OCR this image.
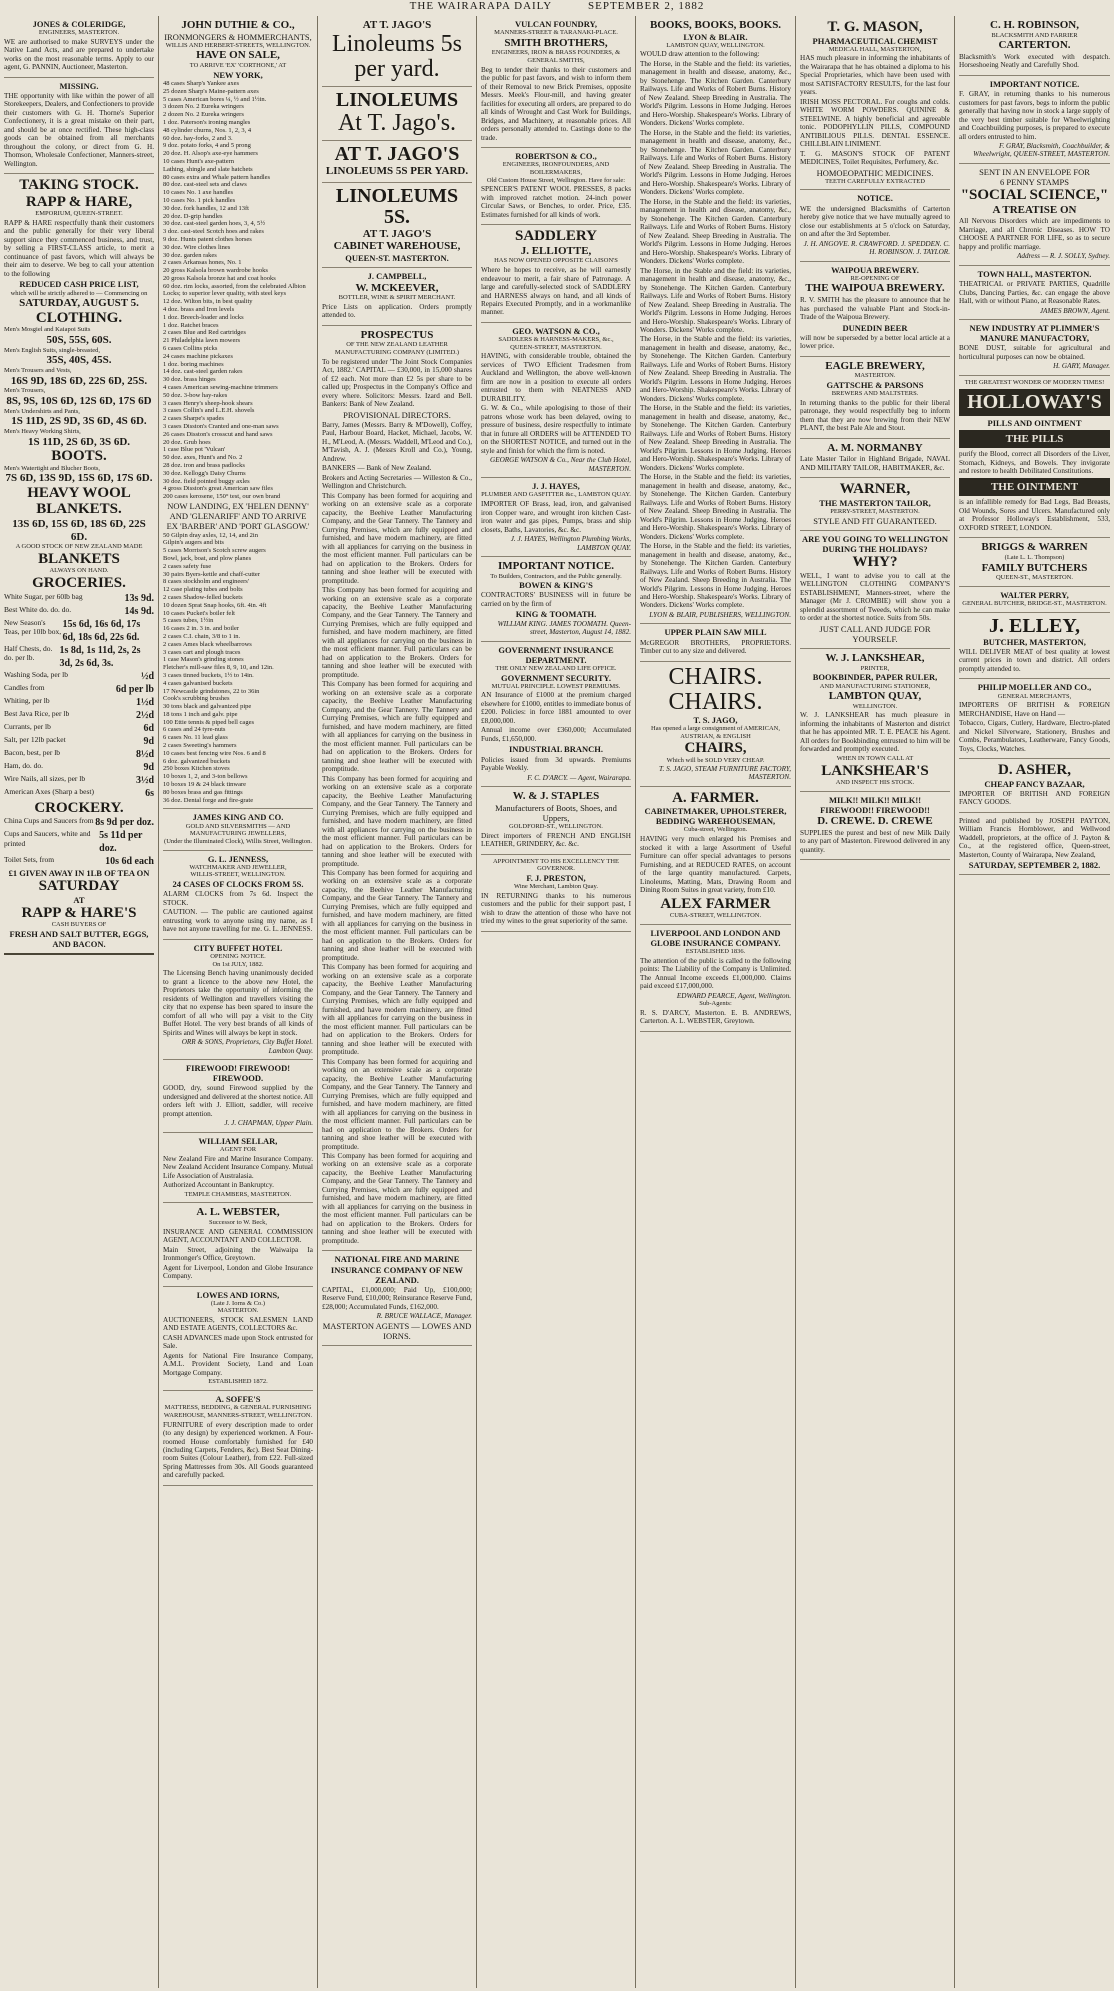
THE WAIRARAPA DAILY	SEPTEMBER 2, 1882
JONES & COLERIDGE,
ENGINEERS, MASTERTON.

WE are authorised to make SURVEYS under the Native Land Acts, and are prepared to undertake works on the most reasonable terms. Apply to our agent, G. PANNIN, Auctioneer, Masterton.

MISSING.

THE opportunity with like within the power of all Storekeepers, Dealers, and Confectioners to provide their customers with G. H. Thorne's Superior Confectionery, it is a great mistake on their part, and should be at once rectified. These high-class goods can be obtained from all merchants throughout the colony, or direct from G. H. Thomson, Wholesale Confectioner, Manners-street, Wellington.

TAKING STOCK.
RAPP & HARE,
EMPORIUM, QUEEN-STREET.

RAPP & HARE respectfully thank their customers and the public generally for their very liberal support since they commenced business, and trust, by selling a FIRST-CLASS article, to merit a continuance of past favors, which will always be their aim to deserve. We beg to call your attention to the following

REDUCED CASH PRICE LIST,
which will be strictly adhered to — Commencing on
SATURDAY, AUGUST 5.
CLOTHING.
Men's Mosgiel and Kaiapoi Suits
50S, 55S, 60S.
Men's English Suits, single-breasted,
35S, 40S, 45S.
Men's Trousers and Vests,
16S 9D, 18S 6D, 22S 6D, 25S.
Men's Trousers,
8S, 9S, 10S 6D, 12S 6D, 17S 6D
Men's Undershirts and Pants,
1S 11D, 2S 9D, 3S 6D, 4S 6D.
Men's Heavy Working Shirts,
1S 11D, 2S 6D, 3S 6D.
BOOTS.
Men's Watertight and Blucher Boots,
7S 6D, 13S 9D, 15S 6D, 17S 6D.
HEAVY WOOL BLANKETS.
13S 6D, 15S 6D, 18S 6D, 22S 6D.
A GOOD STOCK OF NEW ZEALAND MADE
BLANKETS
ALWAYS ON HAND.
GROCERIES.
White Sugar, per 60lb bag	13s 9d.
Best White do. do. do.	14s 9d.
New Season's Teas, per 10lb box,
15s 6d, 16s 6d, 17s 6d, 18s 6d, 22s 6d.
Half Chests, do. do. per lb.
1s 8d, 1s 11d, 2s, 2s 3d, 2s 6d, 3s.
Washing Soda, per lb	½d
Candles from	6d per lb
Whiting, per lb	1½d
Best Java Rice, per lb	2½d
Currants, per lb	6d
Salt, per 12lb packet	9d
Bacon, best, per lb	8½d
Ham, do. do.	9d
Wire Nails, all sizes, per lb	3½d
American Axes (Sharp a best)	6s
CROCKERY.
China Cups and Saucers from 8s 9d per doz.
Cups and Saucers, white and printed
5s 11d per doz.
Toilet Sets, from	10s 6d each
£1 GIVEN AWAY IN 1LB OF TEA ON
SATURDAY
AT
RAPP & HARE'S
CASH BUYERS OF
FRESH AND SALT BUTTER, EGGS, AND BACON.
JOHN DUTHIE & CO.,
IRONMONGERS & HOMMERCHANTS,
WILLIS AND HERBERT-STREETS, WELLINGTON.
HAVE ON SALE,
TO ARRIVE 'EX' 'CORTHONE,' AT
NEW YORK,
48 cases Sharp's Yankee axes
25 dozen Sharp's Maine-pattern axes
5 cases American bores ¼, ½ and 1½in.
3 dozen No. 2 Eureka wringers
2 dozen No. 2 Eureka wringers
1 doz. Paterson's ironing mangles
48 cylinder churns, Nos. 1, 2, 3, 4
60 doz. hay-forks, 2 and 3.
9 doz. potato forks, 4 and 5 prong
20 doz. H. Alsop's axe-eye hammers
10 cases Hunt's axe-pattern
Lathing, shingle and slate hatchets
80 cases extra and Whale pattern handles
80 doz. cast-steel sets and claws
10 cases No. 1 axe handles
10 cases No. 1 pick handles
30 doz. fork handles, 12 and 13ft
20 doz. D-grip handles
30 doz. cast-steel garden hoes, 3, 4, 5½
3 doz. cast-steel Scotch hoes and rakes
9 doz. Hunts patent clothes horses
30 doz. Wire clothes lines
30 doz. garden rakes
2 cases Arkansas hones, No. 1
20 gross Kalsola brown wardrobe hooks
20 gross Kalsola bronze hat and coat hooks
60 doz. rim locks, assorted, from the celebrated Albion Locks; to superior lever quality, with steel keys
12 doz. Wilton bits, in best quality
4 doz. brass and Iron levels
1 doz. Breech-loader and locks
1 doz. Ratchet braces
2 cases Blue and Red cartridges
21 Philadelphia lawn mowers
6 cases Collins picks
24 cases machine pickaxes
1 doz. boring machines
14 doz. cast-steel garden rakes
30 doz. brass hinges
4 cases American sewing-machine trimmers
50 doz. 3-bow hay-rakes
3 cases Henry's sheep-hook shears
3 cases Collin's and L.E.H. shovels
2 cases Sharpe's spades
3 cases Disston's Cranted and one-man saws
26 cases Disston's crosscut and hand saws
20 doz. Grub hoes
1 case Blue pot 'Vulcan'
50 doz. axes, Hunt's and No. 2
28 doz. iron and brass padlocks
30 doz. Kellogg's Daisy Churns
30 doz. field pointed buggy axles
4 gross Disston's great American saw files
200 cases kerosene, 150° test, our own brand
NOW LANDING, EX 'HELEN DENNY' AND 'GLENARIFF' AND TO ARRIVE EX 'BARBER' AND 'PORT GLASGOW.'
50 Gilpin dray axles, 12, 14, and 2in
Gilpin's augers and bits
5 cases Morrison's Scotch screw augers
Bowl, jack, boat, and plow planes
2 cases safety fuse
30 pairs Byers-kettle and chaff-cutter
8 cases stockholm and engineers'
12 case plating tubes and bolts
2 cases Shadow-felled buckets
10 dozen Sprat Snap hooks, 6ft. 4in. 4ft
10 cases Pucket's boiler felt
5 cases tubes, 1½in
16 cases 2 in. 3 in. and boiler
2 cases C.I. chain, 3/8 to 1 in.
2 cases Ames black wheelbarrows
3 cases cart and plough traces
1 case Mason's grinding stones
Fletcher's mill-saw files 8, 9, 10, and 12in.
3 cases tinned buckets, 1½ to 14in.
4 cases galvanised buckets
17 Newcastle grindstones, 22 to 36in
Cook's scrubbing brushes
30 tons black and galvanized pipe
18 tons 1 inch and galv. pipe
100 Ettie tennis & piped bell cages
6 cases and 24 tyre-nuts
6 cases No. 11 lead glass
2 cases Sweeting's hammers
10 cases best fencing wire Nos. 6 and 8
6 doz. galvanized buckets
250 boxes Kitchen stoves
10 boxes 1, 2, and 3-ton bellows
10 boxes 19 & 24 black tinware
80 boxes brass and gas fittings
36 doz. Dental forge and fire-grate
JAMES KING AND CO.
GOLD AND SILVERSMITHS — AND MANUFACTURING JEWELLERS,
(Under the Illuminated Clock), Willis Street, Wellington.
G. L. JENNESS,
WATCHMAKER AND JEWELLER,
WILLIS-STREET, WELLINGTON.
24 CASES OF CLOCKS FROM 5S.

ALARM CLOCKS from 7s 6d. Inspect the STOCK.

CAUTION. — The public are cautioned against entrusting work to anyone using my name, as I have not anyone travelling for me. G. L. JENNESS.

CITY BUFFET HOTEL
OPENING NOTICE.
On 1st JULY, 1882.

The Licensing Bench having unanimously decided to grant a licence to the above new Hotel, the Proprietors take the opportunity of informing the residents of Wellington and travellers visiting the city that no expense has been spared to insure the comfort of all who will pay a visit to the City Buffet Hotel. The very best brands of all kinds of Spirits and Wines will always be kept in stock.

ORR & SONS, Proprietors, City Buffet Hotel.
Lambton Quay.
FIREWOOD! FIREWOOD! FIREWOOD.

GOOD, dry, sound Firewood supplied by the undersigned and delivered at the shortest notice. All orders left with J. Elliott, saddler, will receive prompt attention.

J. J. CHAPMAN, Upper Plain.
WILLIAM SELLAR,
AGENT FOR

New Zealand Fire and Marine Insurance Company. New Zealand Accident Insurance Company. Mutual Life Association of Australasia.

Authorized Accountant in Bankruptcy.

TEMPLE CHAMBERS, MASTERTON.
A. L. WEBSTER,
Successor to W. Beck,

INSURANCE AND GENERAL COMMISSION AGENT, ACCOUNTANT AND COLLECTOR.

Main Street, adjoining the Waiwaipa Ia Ironmonger's Office, Greytown.

Agent for Liverpool, London and Globe Insurance Company.

LOWES AND IORNS,
(Late J. Iorns & Co.)
MASTERTON.

AUCTIONEERS, STOCK SALESMEN LAND AND ESTATE AGENTS, COLLECTORS &c.

CASH ADVANCES made upon Stock entrusted for Sale.

Agents for National Fire Insurance Company, A.M.L. Provident Society, Land and Loan Mortgage Company.

ESTABLISHED 1872.
A. SOFFE'S
MATTRESS, BEDDING, & GENERAL FURNISHING WAREHOUSE, MANNERS-STREET, WELLINGTON.

FURNITURE of every description made to order (to any design) by experienced workmen. A Four-roomed House comfortably furnished for £40 (including Carpets, Fenders, &c). Best Seat Dining-room Suites (Colour Leather), from £22. Full-sized Spring Mattresses from 30s. All Goods guaranteed and carefully packed.

AT T. JAGO'S
Linoleums 5s per yard.
LINOLEUMS
At T. Jago's.
AT T. JAGO'S
LINOLEUMS 5S PER YARD.
LINOLEUMS 5S.
AT T. JAGO'S
CABINET WAREHOUSE,
QUEEN-ST. MASTERTON.
J. CAMPBELL,
W. MCKEEVER,
BOTTLER, WINE & SPIRIT MERCHANT.

Price Lists on application. Orders promptly attended to.

PROSPECTUS
OF THE NEW ZEALAND LEATHER MANUFACTURING COMPANY (LIMITED.)

To be registered under 'The Joint Stock Companies Act, 1882.' CAPITAL — £30,000, in 15,000 shares of £2 each. Not more than £2 5s per share to be called up; Prospectus in the Company's Office and every where. Solicitors: Messrs. Izard and Bell. Bankers: Bank of New Zealand.

PROVISIONAL DIRECTORS.

Barry, James (Messrs. Barry & M'Dowell), Coffey, Paul, Harbour Board, Hacket, Michael, Jacobs, W. H., M'Leod, A. (Messrs. Waddell, M'Leod and Co.), M'Tavish, A. J. (Messrs Kroll and Co.), Young, Andrew.

BANKERS — Bank of New Zealand.

Brokers and Acting Secretaries — Willeston & Co., Wellington and Christchurch.

This Company has been formed for acquiring and working on an extensive scale as a corporate capacity, the Beehive Leather Manufacturing Company, and the Gear Tannery. The Tannery and Currying Premises, which are fully equipped and furnished, and have modern machinery, are fitted with all appliances for carrying on the business in the most efficient manner. Full particulars can be had on application to the Brokers. Orders for tanning and shoe leather will be executed with promptitude.

This Company has been formed for acquiring and working on an extensive scale as a corporate capacity, the Beehive Leather Manufacturing Company, and the Gear Tannery. The Tannery and Currying Premises, which are fully equipped and furnished, and have modern machinery, are fitted with all appliances for carrying on the business in the most efficient manner. Full particulars can be had on application to the Brokers. Orders for tanning and shoe leather will be executed with promptitude.

This Company has been formed for acquiring and working on an extensive scale as a corporate capacity, the Beehive Leather Manufacturing Company, and the Gear Tannery. The Tannery and Currying Premises, which are fully equipped and furnished, and have modern machinery, are fitted with all appliances for carrying on the business in the most efficient manner. Full particulars can be had on application to the Brokers. Orders for tanning and shoe leather will be executed with promptitude.

This Company has been formed for acquiring and working on an extensive scale as a corporate capacity, the Beehive Leather Manufacturing Company, and the Gear Tannery. The Tannery and Currying Premises, which are fully equipped and furnished, and have modern machinery, are fitted with all appliances for carrying on the business in the most efficient manner. Full particulars can be had on application to the Brokers. Orders for tanning and shoe leather will be executed with promptitude.

This Company has been formed for acquiring and working on an extensive scale as a corporate capacity, the Beehive Leather Manufacturing Company, and the Gear Tannery. The Tannery and Currying Premises, which are fully equipped and furnished, and have modern machinery, are fitted with all appliances for carrying on the business in the most efficient manner. Full particulars can be had on application to the Brokers. Orders for tanning and shoe leather will be executed with promptitude.

This Company has been formed for acquiring and working on an extensive scale as a corporate capacity, the Beehive Leather Manufacturing Company, and the Gear Tannery. The Tannery and Currying Premises, which are fully equipped and furnished, and have modern machinery, are fitted with all appliances for carrying on the business in the most efficient manner. Full particulars can be had on application to the Brokers. Orders for tanning and shoe leather will be executed with promptitude.

This Company has been formed for acquiring and working on an extensive scale as a corporate capacity, the Beehive Leather Manufacturing Company, and the Gear Tannery. The Tannery and Currying Premises, which are fully equipped and furnished, and have modern machinery, are fitted with all appliances for carrying on the business in the most efficient manner. Full particulars can be had on application to the Brokers. Orders for tanning and shoe leather will be executed with promptitude.

This Company has been formed for acquiring and working on an extensive scale as a corporate capacity, the Beehive Leather Manufacturing Company, and the Gear Tannery. The Tannery and Currying Premises, which are fully equipped and furnished, and have modern machinery, are fitted with all appliances for carrying on the business in the most efficient manner. Full particulars can be had on application to the Brokers. Orders for tanning and shoe leather will be executed with promptitude.

NATIONAL FIRE AND MARINE INSURANCE COMPANY OF NEW ZEALAND.

CAPITAL, £1,000,000; Paid Up, £100,000; Reserve Fund, £10,000; Reinsurance Reserve Fund, £28,000; Accumulated Funds, £162,000.

R. BRUCE WALLACE, Manager.
MASTERTON AGENTS — LOWES AND IORNS.
VULCAN FOUNDRY,
MANNERS-STREET & TARANAKI-PLACE.
SMITH BROTHERS,
ENGINEERS, IRON & BRASS FOUNDERS, & GENERAL SMITHS,

Beg to tender their thanks to their customers and the public for past favors, and wish to inform them of their Removal to new Brick Premises, opposite Messrs. Meek's Flour-mill, and having greater facilities for executing all orders, are prepared to do all kinds of Wrought and Cast Work for Buildings, Bridges, and Machinery, at reasonable prices. All orders personally attended to. Castings done to the trade.

ROBERTSON & CO.,
ENGINEERS, IRONFOUNDERS, AND BOILERMAKERS,
Old Custom House Street, Wellington. Have for sale:

SPENCER'S PATENT WOOL PRESSES, 8 packs with improved ratchet motion. 24-inch power Circular Saws, or Benches, to order. Price, £35. Estimates furnished for all kinds of work.

SADDLERY
J. ELLIOTTE,
HAS NOW OPENED OPPOSITE CLAISON'S

Where he hopes to receive, as he will earnestly endeavour to merit, a fair share of Patronage. A large and carefully-selected stock of SADDLERY and HARNESS always on hand, and all kinds of Repairs Executed Promptly, and in a workmanlike manner.

GEO. WATSON & CO.,
SADDLERS & HARNESS-MAKERS, &c.,
QUEEN-STREET, MASTERTON.

HAVING, with considerable trouble, obtained the services of TWO Efficient Tradesmen from Auckland and Wellington, the above well-known firm are now in a position to execute all orders entrusted to them with NEATNESS AND DURABILITY.

G. W. & Co., while apologising to those of their patrons whose work has been delayed, owing to pressure of business, desire respectfully to intimate that in future all ORDERS will be ATTENDED TO on the SHORTEST NOTICE, and turned out in the style and finish for which the firm is noted.

GEORGE WATSON & Co., Near the Club Hotel, MASTERTON.
J. J. HAYES,
PLUMBER AND GASFITTER &c., LAMBTON QUAY.

IMPORTER OF Brass, lead, iron, and galvanised iron Copper ware, and wrought iron kitchen Cast-iron water and gas pipes, Pumps, brass and ship closets, Baths, Lavatories, &c. &c.

J. J. HAYES, Wellington Plumbing Works, LAMBTON QUAY.
IMPORTANT NOTICE.
To Builders, Contractors, and the Public generally.
BOWEN & KING'S

CONTRACTORS' BUSINESS will in future be carried on by the firm of

KING & TOOMATH.
WILLIAM KING. JAMES TOOMATH. Queen-street, Masterton, August 14, 1882.
GOVERNMENT INSURANCE DEPARTMENT.
THE ONLY NEW ZEALAND LIFE OFFICE.
GOVERNMENT SECURITY.
MUTUAL PRINCIPLE. LOWEST PREMIUMS.

AN Insurance of £1000 at the premium charged elsewhere for £1000, entitles to immediate bonus of £200. Policies: in force 1881 amounted to over £8,000,000.

Annual income over £360,000; Accumulated Funds, £1,650,000.

INDUSTRIAL BRANCH.

Policies issued from 3d upwards. Premiums Payable Weekly.

F. C. D'ARCY. — Agent, Wairarapa.
W. & J. STAPLES
Manufacturers of Boots, Shoes, and Uppers,
GOLDFORD-ST., WELLINGTON.

Direct importers of FRENCH AND ENGLISH LEATHER, GRINDERY, &c. &c.

APPOINTMENT TO HIS EXCELLENCY THE GOVERNOR.
F. J. PRESTON,
Wine Merchant, Lambton Quay.

IN RETURNING thanks to his numerous customers and the public for their support past, I wish to draw the attention of those who have not tried my wines to the great superiority of the same.

BOOKS, BOOKS, BOOKS.
LYON & BLAIR.
LAMBTON QUAY, WELLINGTON.

WOULD draw attention to the following:

The Horse, in the Stable and the field: its varieties, management in health and disease, anatomy, &c., by Stonehenge. The Kitchen Garden. Canterbury Railways. Life and Works of Robert Burns. History of New Zealand. Sheep Breeding in Australia. The World's Pilgrim. Lessons in Home Judging. Heroes and Hero-Worship. Shakespeare's Works. Library of Wonders. Dickens' Works complete.

The Horse, in the Stable and the field: its varieties, management in health and disease, anatomy, &c., by Stonehenge. The Kitchen Garden. Canterbury Railways. Life and Works of Robert Burns. History of New Zealand. Sheep Breeding in Australia. The World's Pilgrim. Lessons in Home Judging. Heroes and Hero-Worship. Shakespeare's Works. Library of Wonders. Dickens' Works complete.

The Horse, in the Stable and the field: its varieties, management in health and disease, anatomy, &c., by Stonehenge. The Kitchen Garden. Canterbury Railways. Life and Works of Robert Burns. History of New Zealand. Sheep Breeding in Australia. The World's Pilgrim. Lessons in Home Judging. Heroes and Hero-Worship. Shakespeare's Works. Library of Wonders. Dickens' Works complete.

The Horse, in the Stable and the field: its varieties, management in health and disease, anatomy, &c., by Stonehenge. The Kitchen Garden. Canterbury Railways. Life and Works of Robert Burns. History of New Zealand. Sheep Breeding in Australia. The World's Pilgrim. Lessons in Home Judging. Heroes and Hero-Worship. Shakespeare's Works. Library of Wonders. Dickens' Works complete.

The Horse, in the Stable and the field: its varieties, management in health and disease, anatomy, &c., by Stonehenge. The Kitchen Garden. Canterbury Railways. Life and Works of Robert Burns. History of New Zealand. Sheep Breeding in Australia. The World's Pilgrim. Lessons in Home Judging. Heroes and Hero-Worship. Shakespeare's Works. Library of Wonders. Dickens' Works complete.

The Horse, in the Stable and the field: its varieties, management in health and disease, anatomy, &c., by Stonehenge. The Kitchen Garden. Canterbury Railways. Life and Works of Robert Burns. History of New Zealand. Sheep Breeding in Australia. The World's Pilgrim. Lessons in Home Judging. Heroes and Hero-Worship. Shakespeare's Works. Library of Wonders. Dickens' Works complete.

The Horse, in the Stable and the field: its varieties, management in health and disease, anatomy, &c., by Stonehenge. The Kitchen Garden. Canterbury Railways. Life and Works of Robert Burns. History of New Zealand. Sheep Breeding in Australia. The World's Pilgrim. Lessons in Home Judging. Heroes and Hero-Worship. Shakespeare's Works. Library of Wonders. Dickens' Works complete.

The Horse, in the Stable and the field: its varieties, management in health and disease, anatomy, &c., by Stonehenge. The Kitchen Garden. Canterbury Railways. Life and Works of Robert Burns. History of New Zealand. Sheep Breeding in Australia. The World's Pilgrim. Lessons in Home Judging. Heroes and Hero-Worship. Shakespeare's Works. Library of Wonders. Dickens' Works complete.

LYON & BLAIR, PUBLISHERS, WELLINGTON.
UPPER PLAIN SAW MILL

McGREGOR BROTHERS, PROPRIETORS. Timber cut to any size and delivered.

CHAIRS. CHAIRS.
T. S. JAGO,
Has opened a large consignment of AMERICAN, AUSTRIAN, & ENGLISH
CHAIRS,
Which will be SOLD VERY CHEAP.
T. S. JAGO, STEAM FURNITURE FACTORY, MASTERTON.
A. FARMER.
CABINETMAKER, UPHOLSTERER,
BEDDING WAREHOUSEMAN,
Cuba-street, Wellington.

HAVING very much enlarged his Premises and stocked it with a large Assortment of Useful Furniture can offer special advantages to persons Furnishing, and at REDUCED RATES, on account of the large quantity manufactured. Carpets, Linoleums, Matting, Mats, Drawing Room and Dining Room Suites in great variety, from £10.

ALEX FARMER
CUBA-STREET, WELLINGTON.
LIVERPOOL AND LONDON AND GLOBE INSURANCE COMPANY.
ESTABLISHED 1836.

The attention of the public is called to the following points: The Liability of the Company is Unlimited. The Annual Income exceeds £1,000,000. Claims paid exceed £17,000,000.

EDWARD PEARCE, Agent, Wellington.
Sub-Agents:

R. S. D'ARCY, Masterton. E. B. ANDREWS, Carterton. A. L. WEBSTER, Greytown.

T. G. MASON,
PHARMACEUTICAL CHEMIST
MEDICAL HALL, MASTERTON,

HAS much pleasure in informing the inhabitants of the Wairarapa that he has obtained a diploma to his Special Proprietaries, which have been used with most SATISFACTORY RESULTS, for the last four years.

IRISH MOSS PECTORAL. For coughs and colds. WHITE WORM POWDERS. QUININE & STEELWINE. A highly beneficial and agreeable tonic. PODOPHYLLIN PILLS, COMPOUND ANTIBILIOUS PILLS. DENTAL ESSENCE. CHILLBLAIN LINIMENT.

T. G. MASON'S STOCK OF PATENT MEDICINES, Toilet Requisites, Perfumery, &c.

HOMOEOPATHIC MEDICINES.
TEETH CAREFULLY EXTRACTED
NOTICE.

WE the undersigned Blacksmiths of Carterton hereby give notice that we have mutually agreed to close our establishments at 5 o'clock on Saturday, on and after the 3rd September.

J. H. ANGOVE. R. CRAWFORD. J. SPEDDEN. C. H. ROBINSON. J. TAYLOR.
WAIPOUA BREWERY.
RE-OPENING OF
THE WAIPOUA BREWERY.

R. V. SMITH has the pleasure to announce that he has purchased the valuable Plant and Stock-in-Trade of the Waipoua Brewery.

DUNEDIN BEER

will now be superseded by a better local article at a lower price.

EAGLE BREWERY,
MASTERTON.
GATTSCHE & PARSONS
BREWERS AND MALTSTERS.

In returning thanks to the public for their liberal patronage, they would respectfully beg to inform them that they are now brewing from their NEW PLANT, the best Pale Ale and Stout.

A. M. NORMANBY

Late Master Tailor in Highland Brigade, NAVAL AND MILITARY TAILOR, HABITMAKER, &c.

WARNER,
THE MASTERTON TAILOR,
PERRY-STREET, MASTERTON.
STYLE AND FIT GUARANTEED.
ARE YOU GOING TO WELLINGTON DURING THE HOLIDAYS?
WHY?

WELL, I want to advise you to call at the WELLINGTON CLOTHING COMPANY'S ESTABLISHMENT, Manners-street, where the Manager (Mr J. CROMBIE) will show you a splendid assortment of Tweeds, which he can make to order at the shortest notice. Suits from 50s.

JUST CALL AND JUDGE FOR YOURSELF.
W. J. LANKSHEAR,
PRINTER,
BOOKBINDER, PAPER RULER,
AND MANUFACTURING STATIONER,
LAMBTON QUAY,
WELLINGTON.

W. J. LANKSHEAR has much pleasure in informing the inhabitants of Masterton and district that he has appointed MR. T. E. PEACE his Agent. All orders for Bookbinding entrusted to him will be forwarded and promptly executed.

WHEN IN TOWN CALL AT
LANKSHEAR'S
AND INSPECT HIS STOCK.
MILK!! MILK!! MILK!!
FIREWOOD!! FIREWOOD!!
D. CREWE. D. CREWE

SUPPLIES the purest and best of new Milk Daily to any part of Masterton. Firewood delivered in any quantity.

C. H. ROBINSON,
BLACKSMITH AND FARRIER
CARTERTON.

Blacksmith's Work executed with despatch. Horseshoeing Neatly and Carefully Shod.

IMPORTANT NOTICE.

F. GRAY, in returning thanks to his numerous customers for past favors, begs to inform the public generally that having now in stock a large supply of the very best timber suitable for Wheelwrighting and Coachbuilding purposes, is prepared to execute all orders entrusted to him.

F. GRAY, Blacksmith, Coachbuilder, & Wheelwright, QUEEN-STREET, MASTERTON.
SENT IN AN ENVELOPE FOR
6 PENNY STAMPS
"SOCIAL SCIENCE,"
A TREATISE ON

All Nervous Disorders which are impediments to Marriage, and all Chronic Diseases. HOW TO CHOOSE A PARTNER FOR LIFE, so as to secure happy and prolific marriage.

Address — R. J. SOLLY, Sydney.
TOWN HALL, MASTERTON.

THEATRICAL or PRIVATE PARTIES, Quadrille Clubs, Dancing Parties, &c. can engage the above Hall, with or without Piano, at Reasonable Rates.

JAMES BROWN, Agent.
NEW INDUSTRY AT PLIMMER'S
MANURE MANUFACTORY,

BONE DUST, suitable for agricultural and horticultural purposes can now be obtained.

H. GARY, Manager.
THE GREATEST WONDER OF MODERN TIMES!
HOLLOWAY'S
PILLS AND OINTMENT
THE PILLS

purify the Blood, correct all Disorders of the Liver, Stomach, Kidneys, and Bowels. They invigorate and restore to health Debilitated Constitutions.

THE OINTMENT

is an infallible remedy for Bad Legs, Bad Breasts, Old Wounds, Sores and Ulcers. Manufactured only at Professor Holloway's Establishment, 533, OXFORD STREET, LONDON.

BRIGGS & WARREN
(Late L. L. Thompson)
FAMILY BUTCHERS
QUEEN-ST., MASTERTON.
WALTER PERRY,
GENERAL BUTCHER, BRIDGE-ST., MASTERTON.
J. ELLEY,
BUTCHER, MASTERTON,

WILL DELIVER MEAT of best quality at lowest current prices in town and district. All orders promptly attended to.

PHILIP MOELLER AND CO.,
GENERAL MERCHANTS,

IMPORTERS OF BRITISH & FOREIGN MERCHANDISE, Have on Hand —

Tobacco, Cigars, Cutlery, Hardware, Electro-plated and Nickel Silverware, Stationery, Brushes and Combs, Perambulators, Leatherware, Fancy Goods, Toys, Clocks, Watches.

D. ASHER,
CHEAP FANCY BAZAAR,

IMPORTER OF BRITISH AND FOREIGN FANCY GOODS.

Printed and published by JOSEPH PAYTON, William Francis Hornblower, and Wellwood Waddell, proprietors, at the office of J. Payton & Co., at the registered office, Queen-street, Masterton, County of Wairarapa, New Zealand,

SATURDAY, SEPTEMBER 2, 1882.
